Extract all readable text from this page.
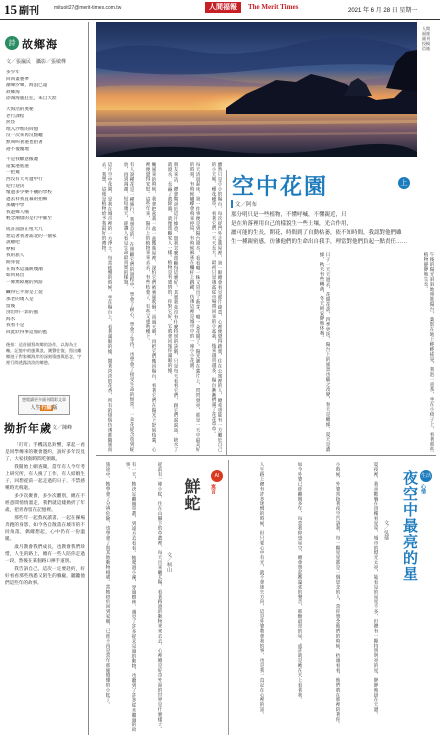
15 副刊	mituoit27@merit-times.com.tw	人間福報	The Merit Times	2021 年 6 月 28 日 星期一
詩 故鄉海
文／張瀛民　攝影／張敏樺
多少年
回回畫裏夢
潮聲汐聲，海浪已遠
故鄉海
添淘海風狂狂，朱自天涯
大海浩的奧秘
老行課程
煎怪
埋入沙堆的回憶
沒一次來再沒點曬
無叫叫著港也拍著
港不復覆地
不是我願意搬遷
還緊港底港
一把窺
西沒有天可遭中行
迎行迎決
懷過多少樂不襯的學校
過去祥我直幕的拍鄉
那嚷中學
我遊鄉人哦
輕念潮煩的是行中衝至
成許浦游正咀大九
想這著我著浦北的一個家
說雞吧
咿相
我的旅人
開身從
在海木這滿緩幾潮
如何寫出
一條無障處的到游
鹹得它平滑是上從
那老的幾人是
留後
別出明一影的風
海水
我看不是
回此狀得事這加的藍
後按：這首描寫故鄉的詩作，以海為主軸，記憶中的風與浪，潮聲往復，寫出離鄉遊子對家鄉海岸的深刻情感與思念，字裡行間透露淡淡的鄉愁。
想閱讀更多副刊精彩文章
人生行腳版
拗折年歲 文／陳峰

「叮叮」手機訊息鈴響，拿起一看是同學傳來的聚會邀約，說好多年沒見了，大家找個時間吃頓飯。

我開始上網查閱，當年有人今年考上研究所，有人換了工作，有人結婚生子，回想從前一起走過的日子，不禁感嘆時光飛逝。

多少次聚會，多少次離別，總在不經意間悄悄溜走，我們就這樣拗折了年歲，把青春留在記憶裡。

那些年一起熬夜讀書、一起在操場奔跑的身影，如今各自散落在城市的不同角落，偶爾想起，心中仍有一份溫暖。

歲月教會我們成長，也教會我們珍惜，人生的路上，總有一些人陪你走過一段，然後在某個路口揮手道別。

我告訴自己，這次一定要赴約，好好看看那些熟悉又陌生的臉龐，聽聽他們這些年的故事。

人間
福報
副刊
投稿
信箱
空中花園	上
文／阿布
那分明只是一些植物，不懂呼喊，不懂親近，只
是在角落裡用自己的樣貌生一些土壤，光合作用，
灑可能的生長，開花，時間到了自動枯萎，依不知時間，我認對他們雖
生一種親密感，彷彿他們的生命出自我手，理當對他們負起一點責任……
雖然只是小小的陽台，每次從門外走進屋裡，第一眼總會看見那片綠意，心裡便覺得踏實。住在公寓裡的人，總希望能有一方屬於自己的小天地，種花種草，看著它們一天天長大。最初只是幾盆從市場帶回來的小盆栽，後來越買越多，陽台漸漸擠滿了花花草草。
每天清晨起床，第一件事便是到陽台澆水，看看哪一株又冒出了新芽，哪一朵花開了。陽光灑在葉片上，閃閃發亮，那是一天中最美好的時刻。有時候蝴蝶會飛來停留，有時候麻雀在欄杆上跳躍，彷彿這裡是城市中的一座小小花園。
朋友來訪，總會驚訝於這片綠意，問我怎麼照顧得這麼好。其實我並沒有什麼特別的訣竅，只是每天看看它們，跟它們說說話，缺水了就澆水，長蟲了就除蟲，就像照顧家人一樣。植物是有感情的，你對它好，它就會回報你滿眼的綠。
颱風來的時候，我會把盆栽一盆一盆搬進屋裡，深怕它們被強風吹倒。雨過天晴，再把它們搬回陽台，看著它們在陽光下舒展枝葉，心裡便覺得安慰。這些年來，陽台上的植物來來去去，有些枯萎了，有些又重新種下。
有人說種花是一種修行，我想是的。在照顧它們的過程中，學會了耐心，學會了等待，也學會了接受生命的無常。一朵花從含苞到綻放，再到凋謝，短短幾天，卻讓人看見生命最真實的樣貌。
這片空中花園，是我在城市裡的一方淨土。每當疲憊的時候，坐在陽台上，看著滿眼的綠，聞著淡淡的花香，所有的煩惱彷彿都隨風而去。我想，這便是植物給予我最好的禮物。
午後的陽光斜斜地照進陽台，葉影在地上輕輕搖晃，我泡一壺茶，坐在小椅子上，看著那些植物靜靜地生長。
日子一天天過去，花開花落，四季更迭，陽台上的風景也隨之改變，春天是嫩綠，夏天是濃綠，秋天有些轉黃，冬天則安靜地休養。
AI
寓言
鮮蛇
文／柯山
從前有一條小蛇，住在山腳下的草叢裡，每天出來曬太陽，看著路過的動物來來去去，心裡總是好奇外面的世界是什麼樣子。
有一天，牠決定離開草叢，到遠方去看看。牠爬過小溪，穿過樹林，遇見了許多從未見過的動物，也聽到了許多從未聽過的故事。
旅途中，牠學會了分辨危險，也學會了與其他動物相處。當牠終於回到家鄉，已經不再是當年那條懵懂的小蛇了。	生活
心情
夜空中最亮的星
文／吳郁
夏夜裡，我喜歡躺在頂樓看星星，城市的燈光太亮，能看見的星星不多，但總有一顆特別明亮的星，靜靜地掛在天邊。
小時候，外婆常指著夜空告訴我，每一顆星星都是一個思念的人，當你想念他們的時候，抬頭看看，他們就在那裡陪著你。
如今外婆已經離開多年，每當我仰望星空，總會想起她溫柔的聲音，那顆最亮的星，或許就是她在天上看著我。
人生路上總有許多迷惘的時候，但只要心中有光，就不會迷失方向，這是外婆教會我的事，也是我一直記在心裡的話。
